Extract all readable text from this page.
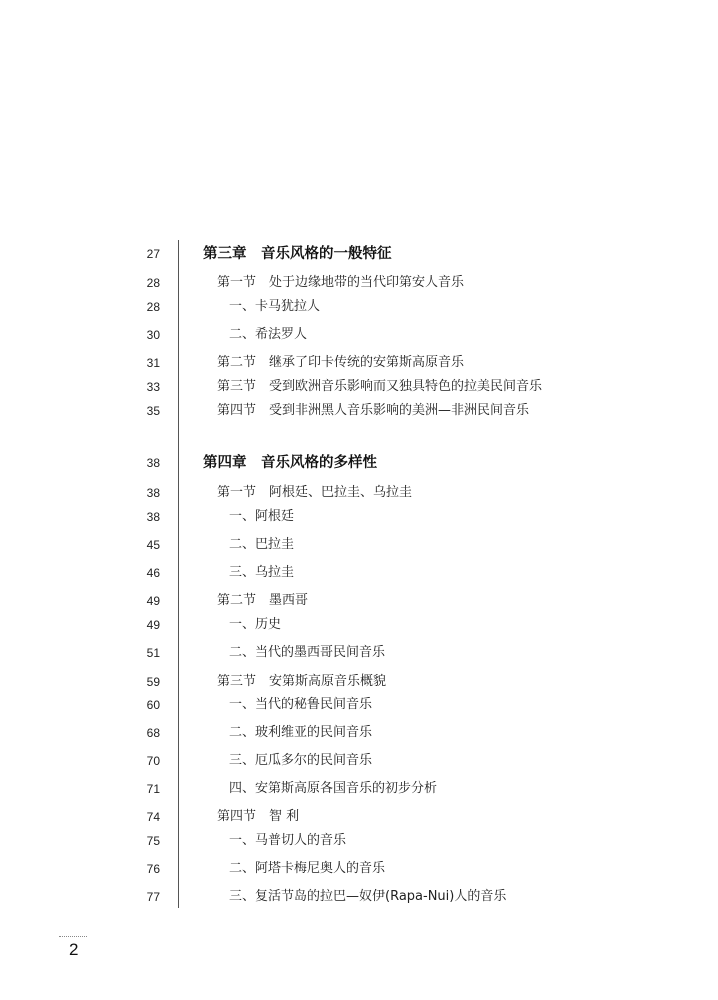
27	第三章　音乐风格的一般特征
28	第一节　处于边缘地带的当代印第安人音乐
28	一、卡马犹拉人
30	二、希法罗人
31	第二节　继承了印卡传统的安第斯高原音乐
33	第三节　受到欧洲音乐影响而又独具特色的拉美民间音乐
35	第四节　受到非洲黑人音乐影响的美洲—非洲民间音乐
38	第四章　音乐风格的多样性
38	第一节　阿根廷、巴拉圭、乌拉圭
38	一、阿根廷
45	二、巴拉圭
46	三、乌拉圭
49	第二节　墨西哥
49	一、历史
51	二、当代的墨西哥民间音乐
59	第三节　安第斯高原音乐概貌
60	一、当代的秘鲁民间音乐
68	二、玻利维亚的民间音乐
70	三、厄瓜多尔的民间音乐
71	四、安第斯高原各国音乐的初步分析
74	第四节　智 利
75	一、马普切人的音乐
76	二、阿塔卡梅尼奥人的音乐
77	三、复活节岛的拉巴—奴伊(Rapa-Nui)人的音乐
2
